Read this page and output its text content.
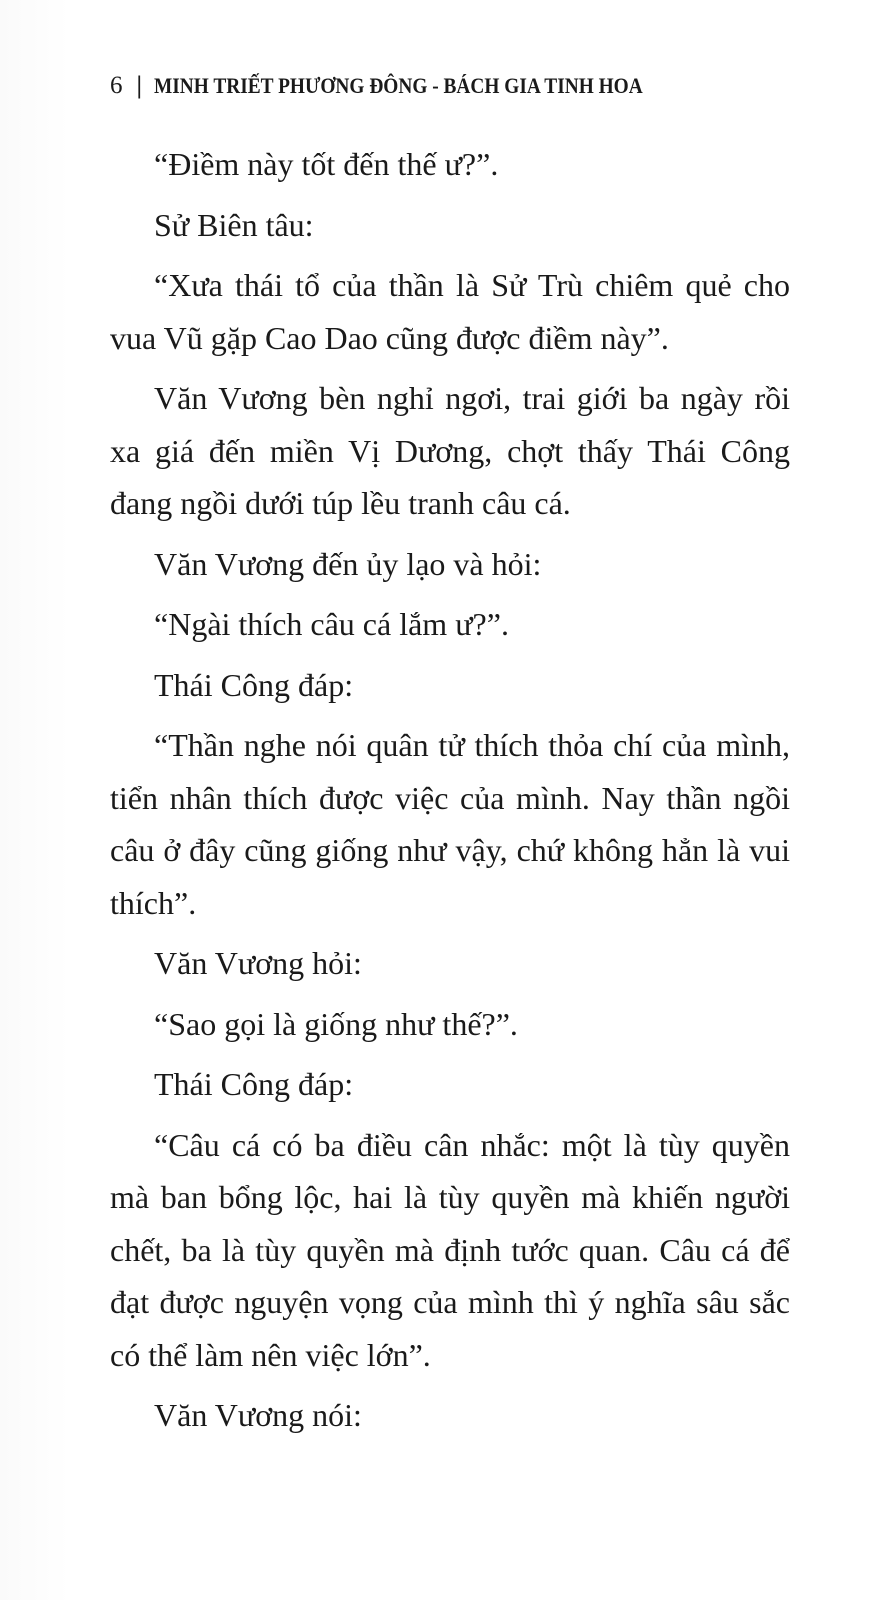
6 | MINH TRIẾT PHƯƠNG ĐÔNG - BÁCH GIA TINH HOA

“Điềm này tốt đến thế ư?”.

Sử Biên tâu:

“Xưa thái tổ của thần là Sử Trù chiêm quẻ cho vua Vũ gặp Cao Dao cũng được điềm này”.

Văn Vương bèn nghỉ ngơi, trai giới ba ngày rồi xa giá đến miền Vị Dương, chợt thấy Thái Công đang ngồi dưới túp lều tranh câu cá.

Văn Vương đến ủy lạo và hỏi:

“Ngài thích câu cá lắm ư?”.

Thái Công đáp:

“Thần nghe nói quân tử thích thỏa chí của mình, tiển nhân thích được việc của mình. Nay thần ngồi câu ở đây cũng giống như vậy, chứ không hẳn là vui thích”.

Văn Vương hỏi:

“Sao gọi là giống như thế?”.

Thái Công đáp:

“Câu cá có ba điều cân nhắc: một là tùy quyền mà ban bổng lộc, hai là tùy quyền mà khiến người chết, ba là tùy quyền mà định tước quan. Câu cá để đạt được nguyện vọng của mình thì ý nghĩa sâu sắc có thể làm nên việc lớn”.

Văn Vương nói:
